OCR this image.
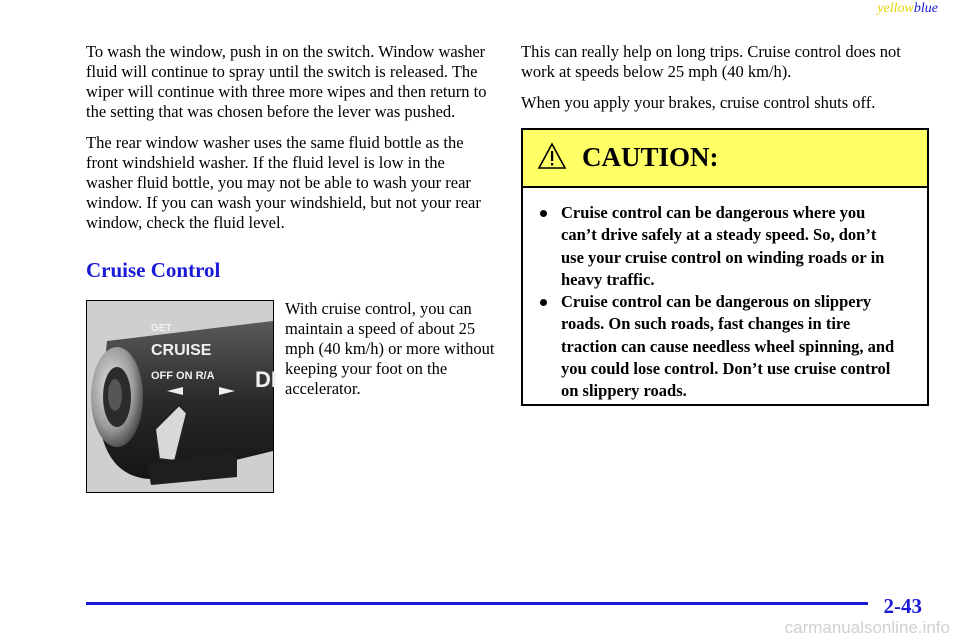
yellowblue

To wash the window, push in on the switch. Window washer fluid will continue to spray until the switch is released. The wiper will continue with three more wipes and then return to the setting that was chosen before the lever was pushed.

The rear window washer uses the same fluid bottle as the front windshield washer. If the fluid level is low in the washer fluid bottle, you may not be able to wash your rear window. If you can wash your windshield, but not your rear window, check the fluid level.

Cruise Control
GET
CRUISE
OFF ON R/A DI
With cruise control, you can maintain a speed of about 25 mph (40 km/h) or more without keeping your foot on the accelerator.

This can really help on long trips. Cruise control does not work at speeds below 25 mph (40 km/h).

When you apply your brakes, cruise control shuts off.

CAUTION:
Cruise control can be dangerous where you can’t drive safely at a steady speed. So, don’t use your cruise control on winding roads or in heavy traffic.
Cruise control can be dangerous on slippery roads. On such roads, fast changes in tire traction can cause needless wheel spinning, and you could lose control. Don’t use cruise control on slippery roads.
2-43
carmanualsonline.info
